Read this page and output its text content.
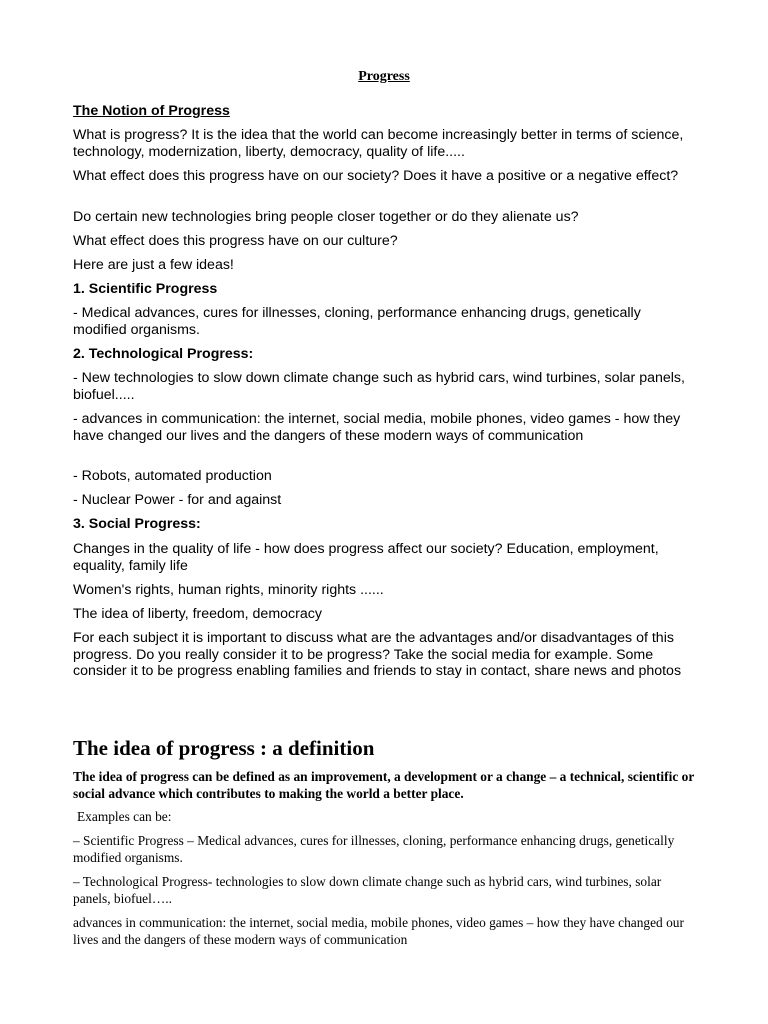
Progress

The Notion of Progress

What is progress? It is the idea that the world can become increasingly better in terms of science, technology, modernization, liberty, democracy, quality of life.....

What effect does this progress have on our society? Does it have a positive or a negative effect?

Do certain new technologies bring people closer together or do they alienate us?

What effect does this progress have on our culture?

Here are just a few ideas!

1. Scientific Progress

- Medical advances, cures for illnesses, cloning, performance enhancing drugs, genetically modified organisms.

2. Technological Progress:

- New technologies to slow down climate change such as hybrid cars, wind turbines, solar panels, biofuel.....

- advances in communication: the internet, social media, mobile phones, video games - how they have changed our lives and the dangers of these modern ways of communication

- Robots, automated production

- Nuclear Power - for and against

3. Social Progress:

Changes in the quality of life - how does progress affect our society? Education, employment, equality, family life

Women's rights, human rights, minority rights ......

The idea of liberty, freedom, democracy

For each subject it is important to discuss what are the advantages and/or disadvantages of this progress. Do you really consider it to be progress? Take the social media for example. Some consider it to be progress enabling families and friends to stay in contact, share news and photos

The idea of progress : a definition

The idea of progress can be defined as an improvement, a development or a change – a technical, scientific or social advance which contributes to making the world a better place.

Examples can be:

– Scientific Progress – Medical advances, cures for illnesses, cloning, performance enhancing drugs, genetically modified organisms.

– Technological Progress- technologies to slow down climate change such as hybrid cars, wind turbines, solar panels, biofuel…..

advances in communication: the internet, social media, mobile phones, video games – how they have changed our lives and the dangers of these modern ways of communication
